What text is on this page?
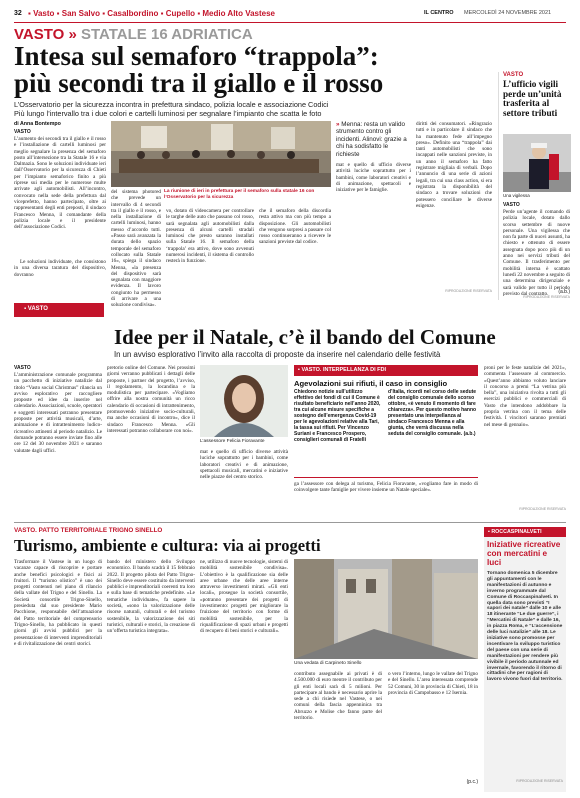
32 ▪ Vasto ▪ San Salvo ▪ Casalbordino ▪ Cupello ▪ Medio Alto Vastese	IL CENTRO MERCOLEDÌ 24 NOVEMBRE 2021
VASTO » STATALE 16 ADRIATICA
Intesa sul semaforo “trappola”:
più secondi tra il giallo e il rosso
L’Osservatorio per la sicurezza incontra in prefettura sindaco, polizia locale e associazione Codici
Più lungo l’intervallo tra i due colori e cartelli luminosi per segnalare l’impianto che scatta le foto
di Anna Bontempo
VASTO
L’aumento dei secondi tra il giallo e il rosso e l’installazione di cartelli luminosi per meglio segnalare la presenza del semaforo posto all’intersezione tra la Statale 16 e via Dalmazia. Sono le soluzioni individuate ieri dall’Osservatorio per la sicurezza di Chieti per l’impianto semaforico finito a più riprese sui media per le numerose multe arrivate agli automobilisti. All’incontro, convocato nella sede della prefettura dal viceprefetto, hanno partecipato, oltre ai rappresentanti degli enti preposti, il sindaco Francesco Menna, il comandante della polizia locale e il presidente dell’associazione Codici.
Le soluzioni individuate, che consistono in una diversa taratura del dispositivo, dovranno
La riunione di ieri in prefettura per il semaforo sulla statale 16 con l’Osservatorio per la sicurezza
del sistema photored che prevede un intervallo di 4 secondi tra il giallo e il rosso, e nella installazione di cartelli luminosi, hanno messo d’accordo tutti. «Passo sarà avanzata la durata dello spazio temporale del semaforo collocato sulla Statale 16», spiega il sindaco Menna, «la presenza del dispositivo sarà segnalata con maggiore evidenza. Il lavoro congiunto ha permesso di arrivare a una soluzione condivisa».
vo, dotato di videocamera per controllare le targhe delle auto che passano col rosso, sarà segnalata agli automobilisti dalla presenza di alcuni cartelli stradali luminosi che presto saranno installati sulla Statale 16. Il semaforo della ‘trappola’ era attivo, dove sono avvenuti numerosi incidenti, il sistema di controllo resterà in funzione.
che il semaforo della discordia resta attivo ma con più tempo a disposizione. Gli automobilisti che vengono sorpresi a passare col rosso continueranno a ricevere le sanzioni previste dal codice.
» Menna: resta un valido strumento contro gli incidenti. Alinovi: grazie a chi ha sodisfatto le richieste
mat e quello di ufficio diverse attività luciche soprattutto per i bambini, come laboratori creativi e di animazione, spettacoli e iniziative per le famiglie.
diritti dei consumatori. «Ringrazio tutti e in particolare il sindaco che ha mantenuto fede all’impegno preso». Definito una “trappola” dai tanti automobilisti che sono incappati nelle sanzioni previste, in un anno il semaforo ha fatto registrare migliaia di verbali. Dopo l’annuncio di una serie di azioni legali, tra cui una class action, si era registrata la disponibilità del sindaco a trovare soluzioni che potessero conciliare le diverse esigenze.
RIPRODUZIONE RISERVATA
VASTO
L’ufficio vigili perde un’unità trasferita al settore tributi
Una vigilessa
VASTO
Perde un’agente il comando di polizia locale, dotato dallo scorso settembre di nuove personale. Una vigilessa che non fa parte di nuovi assunti, ha chiesto e ottenuto di essere assegnata dopo poco più di un anno nei servizi tributi del Comune. Il trasferimento per mobilità interna è scattato lunedì 22 novembre a seguito di una determina dirigenziale e sarà valido per tutto il periodo previsto dal contratto.	(a.b.)
RIPRODUZIONE RISERVATA
▪ VASTO
Idee per il Natale, c’è il bando del Comune
In un avviso esplorativo l’invito alla raccolta di proposte da inserire nel calendario delle festività
VASTO
L’amministrazione comunale programma un pacchetto di iniziative natalizie dal titolo “Vasto social Christmas” rilancia un avviso esplorativo per raccogliere proposte ed idee da inserire nel calendario. Associazioni, scuole, operatori e soggetti interessati potranno presentare proposte per attività musicali, d’arte, animazione e di intrattenimento ludico-ricreativo attinenti al periodo natalizio. Le domande potranno essere inviate fino alle ore 12 del 30 novembre 2021 e saranno valutate dagli uffici.
pretorio online del Comune. Nei prossimi giorni verranno pubblicati i dettagli delle proposte, i partner del progetto, l’avviso, il regolamento, la locandina e la modulistica per partecipare. «Vogliamo offrire alla nostra comunità un ricco calendario di occasioni di intrattenimento, promuovendo iniziative socio-culturali, ma anche occasioni di incontro», dice il sindaco Francesco Menna. «Gli interessati potranno collaborare con noi».
L’assessore Felicia Fioravante
mat e quello di ufficio diverse attività luciche soprattutto per i bambini, come laboratori creativi e di animazione, spettacoli musicali, mercatini e iniziative nelle piazze del centro storico.
▪ VASTO. INTERPELLANZA DI FDI
Agevolazioni sui rifiuti, il caso in consiglio
Chiedono notizie sull’utilizzo effettivo dei fondi di cui il Comune è risultato beneficiario nell’anno 2020, tra cui alcune misure specifiche a sostegno dell’emergenza Covid-19 per le agevolazioni relative alla Tari, la tassa sui rifiuti. Per Vincenzo Suriani e Francesco Prospero, consiglieri comunali di Fratelli
d’Italia, ricordi nel corso delle sedute del consiglio comunale dello scorso ottobre, «è venuto il momento di fare chiarezza». Per questo motivo hanno presentato una interpellanza al sindaco Francesco Menna e alla giunta, che verrà discussa nella seduta del consiglio comunale. (a.b.)
ga l’assessore con delega al turismo, Felicia Fioravante, «vogliamo fare in modo di coinvolgere tante famiglie per vivere insieme un Natale speciale».
proni per le feste natalizie del 2021», commenta l’assessore al commercio. «Quest’anno abbiamo voluto lanciare il concorso a premi “La vetrina più bella”, una iniziativa rivolta a tutti gli esercizi pubblici e commerciali di Vasto che intendono addobbare la propria vetrina con il tema delle festività. I vincitori saranno premiati nel mese di gennaio».
RIPRODUZIONE RISERVATA
VASTO. PATTO TERRITORIALE TRIGNO SINELLO
Turismo, ambiente e cultura: via ai progetti
Trasformare il Vastese in un luogo di vacanze capace di riscoprire e portare anche benefici psicologici e fisici ai fruitori. Il “turismo olistico” è uno dei progetti contenuti nel piano di rilancio della vallate del Trigno e del Sinello. La Società consortile Trigno-Sinello, presieduta dal suo presidente Mario Pacchione, responsabile dell’attuazione del Patto territoriale del comprensorio Trigno-Sinello, ha pubblicato in questi giorni gli avvisi pubblici per la presentazione di interventi imprenditoriali e di rivitalizzazione dei centri storici.
bando del ministero dello Sviluppo economico. Il bando scadrà il 15 febbraio 2022. Il progetto pilota del Patto Trigno-Sinello deve essere costituito da interventi pubblici e imprenditoriali coerenti tra loro e sulla base di tematiche predefinite. «Le tematiche individuate», fa sapere la società, «sono la valorizzazione delle risorse naturali, culturali e del turismo sostenibile, la valorizzazione dei siti turistici, culturali e storici, la creazione di un’offerta turistica integrata».
ne, utilizzo di nuove tecnologie, sistemi di mobilità sostenibile condivisa». L’obiettivo è la qualificazione sia delle aree urbane che delle aree interne attraverso investimenti mirati. «Gli enti locali», prosegue la società consortile, «potranno presentare dei progetti di investimento: progetti per migliorare la fruizione del territorio con forme di mobilità sostenibile, per la riqualificazione di spazi urbani e progetti di recupero di beni storici e culturali».
Una vedata di Carpineto Sinello
contributo assegnabile ai privati è di 4.500.000 di euro mentre il contributo per gli enti locali sarà di 5 milioni. Per partecipare al bando è necessario aprire la sede a chi risiede nel Vastese, o nei comuni della fascia appenninica tra Abruzzo e Molise che fanno parte del territorio.
o vero l’interno, lungo le vallate del Trigno e del Sinello. L’area interessata comprende 52 Comuni, 30 in provincia di Chieti, 18 in provincia di Campobasso e 12 Isernia.
(p.c.)
▪ ROCCASPINALVETI
Iniziative ricreative con mercatini e luci
Tornano domenica 5 dicembre gli appuntamenti con le manifestazioni di autunno e inverno programmate dal Comune di Roccaspinalveti. In quella data sono previsti “I sapori dei natale” dalle 10 e alle 18 itinerante “Le due guerre”, i “Mercatini di Natale” e dalle 16, in piazza Roma, e “L’accensione delle luci natalizie” alle 18. Le iniziative sono promosse per incentivare la sviluppo turistico del paese con una serie di manifestazioni per rendere più vivibile il periodo autunnale ed invernale, favorendo il ritorno di cittadini che per ragioni di lavoro vivono fuori dal territorio.
RIPRODUZIONE RISERVATA
